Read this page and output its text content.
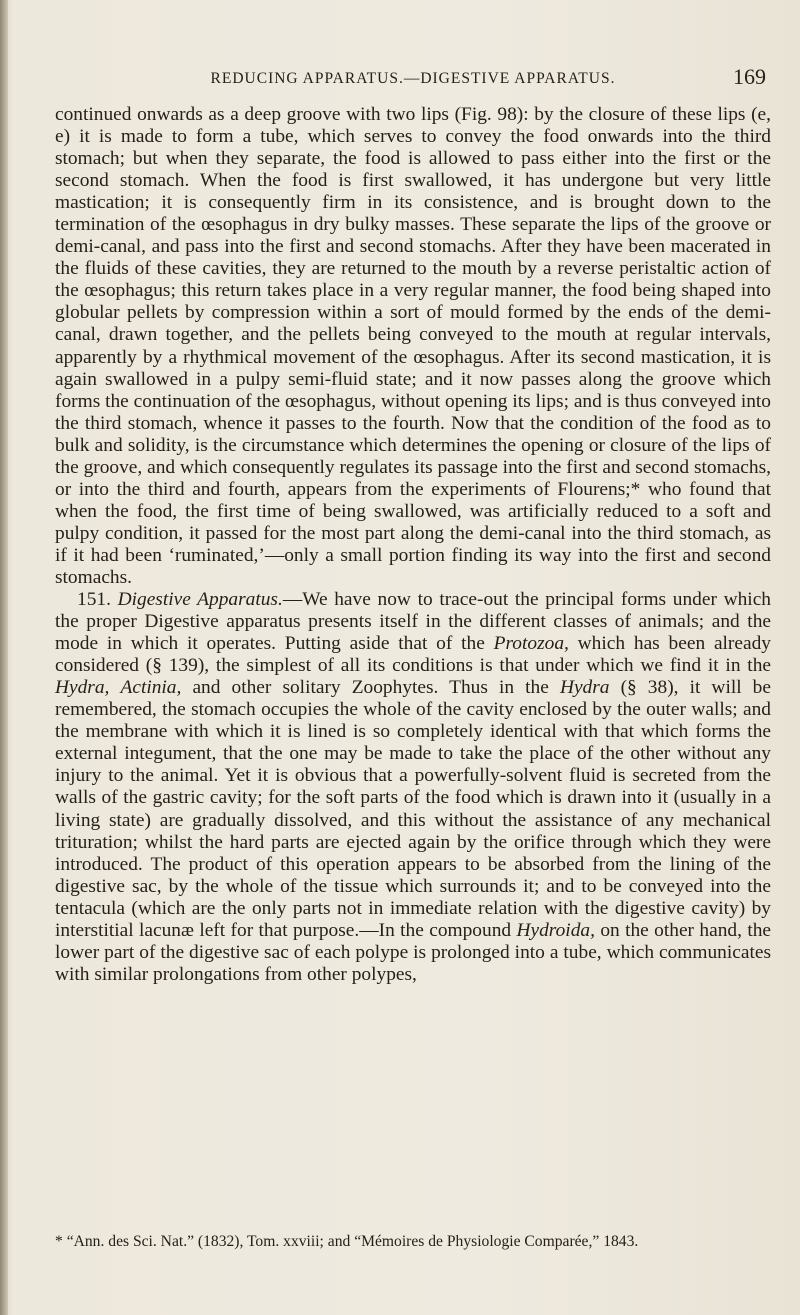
REDUCING APPARATUS.—DIGESTIVE APPARATUS.	169

continued onwards as a deep groove with two lips (Fig. 98): by the closure of these lips (e, e) it is made to form a tube, which serves to convey the food onwards into the third stomach; but when they separate, the food is allowed to pass either into the first or the second stomach. When the food is first swallowed, it has undergone but very little mastication; it is consequently firm in its consistence, and is brought down to the termination of the œsophagus in dry bulky masses. These separate the lips of the groove or demi-canal, and pass into the first and second stomachs. After they have been macerated in the fluids of these cavities, they are returned to the mouth by a reverse peristaltic action of the œsophagus; this return takes place in a very regular manner, the food being shaped into globular pellets by compression within a sort of mould formed by the ends of the demi-canal, drawn together, and the pellets being conveyed to the mouth at regular intervals, apparently by a rhythmical movement of the œsophagus. After its second mastication, it is again swallowed in a pulpy semi-fluid state; and it now passes along the groove which forms the continuation of the œsophagus, without opening its lips; and is thus conveyed into the third stomach, whence it passes to the fourth. Now that the condition of the food as to bulk and solidity, is the circumstance which determines the opening or closure of the lips of the groove, and which consequently regulates its passage into the first and second stomachs, or into the third and fourth, appears from the experiments of Flourens;* who found that when the food, the first time of being swallowed, was artificially reduced to a soft and pulpy condition, it passed for the most part along the demi-canal into the third stomach, as if it had been ‘ruminated,’—only a small portion finding its way into the first and second stomachs.

151. Digestive Apparatus.—We have now to trace-out the principal forms under which the proper Digestive apparatus presents itself in the different classes of animals; and the mode in which it operates. Putting aside that of the Protozoa, which has been already considered (§ 139), the simplest of all its conditions is that under which we find it in the Hydra, Actinia, and other solitary Zoophytes. Thus in the Hydra (§ 38), it will be remembered, the stomach occupies the whole of the cavity enclosed by the outer walls; and the membrane with which it is lined is so completely identical with that which forms the external integument, that the one may be made to take the place of the other without any injury to the animal. Yet it is obvious that a powerfully-solvent fluid is secreted from the walls of the gastric cavity; for the soft parts of the food which is drawn into it (usually in a living state) are gradually dissolved, and this without the assistance of any mechanical trituration; whilst the hard parts are ejected again by the orifice through which they were introduced. The product of this operation appears to be absorbed from the lining of the digestive sac, by the whole of the tissue which surrounds it; and to be conveyed into the tentacula (which are the only parts not in immediate relation with the digestive cavity) by interstitial lacunæ left for that purpose.—In the compound Hydroida, on the other hand, the lower part of the digestive sac of each polype is prolonged into a tube, which communicates with similar prolongations from other polypes,

* “Ann. des Sci. Nat.” (1832), Tom. xxviii; and “Mémoires de Physiologie Comparée,” 1843.
